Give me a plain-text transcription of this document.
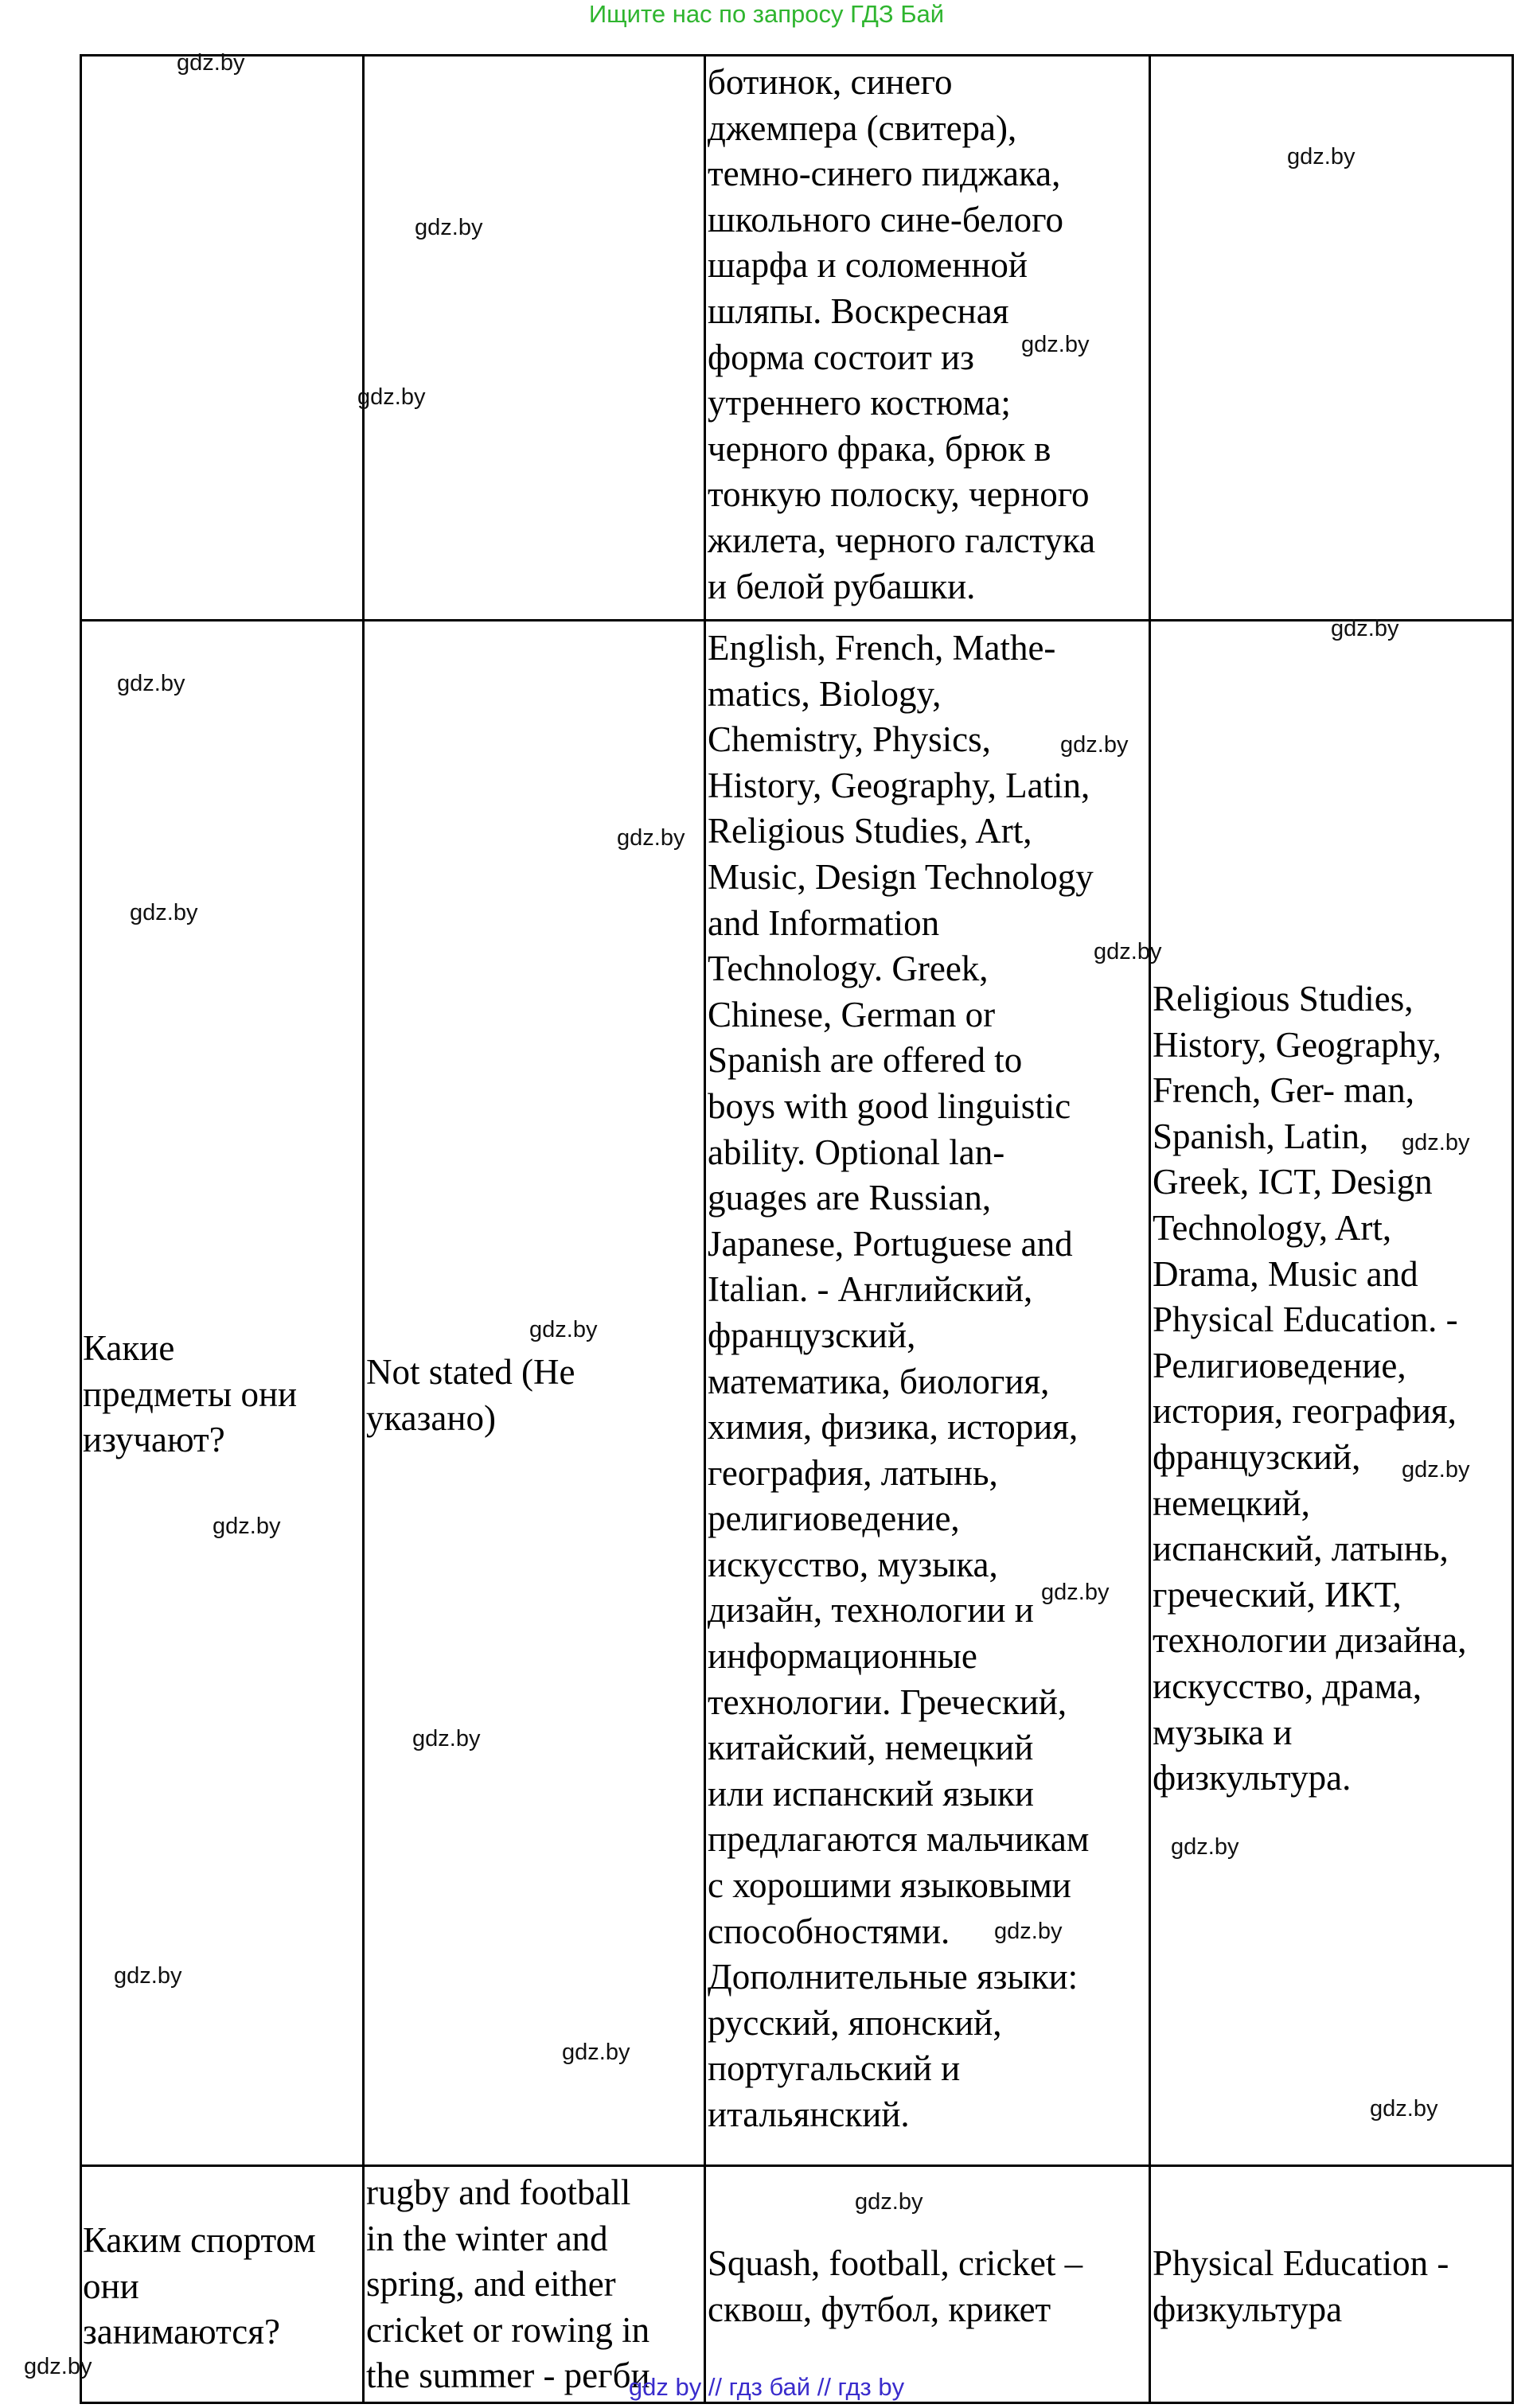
Ищите нас по запросу ГДЗ Бай
ботинок, синего
джемпера (свитера),
темно-синего пиджака,
школьного сине-белого
шарфа и соломенной
шляпы. Воскресная
форма состоит из
утреннего костюма;
черного фрака, брюк в
тонкую полоску, черного
жилета, черного галстука
и белой рубашки.
Какие
предметы они
изучают?
Not stated (Не
указано)
English, French, Mathe-
matics, Biology,
Chemistry, Physics,
History, Geography, Latin,
Religious Studies, Art,
Music, Design Technology
and Information
Technology. Greek,
Chinese, German or
Spanish are offered to
boys with good linguistic
ability. Optional lan-
guages are Russian,
Japanese, Portuguese and
Italian. - Английский,
французский,
математика, биология,
химия, физика, история,
география, латынь,
религиоведение,
искусство, музыка,
дизайн, технологии и
информационные
технологии. Греческий,
китайский, немецкий
или испанский языки
предлагаются мальчикам
с хорошими языковыми
способностями.
Дополнительные языки:
русский, японский,
португальский и
итальянский.
Religious Studies,
History, Geography,
French, Ger- man,
Spanish, Latin,
Greek, ICT, Design
Technology, Art,
Drama, Music and
Physical Education. -
Религиоведение,
история, география,
французский,
немецкий,
испанский, латынь,
греческий, ИКТ,
технологии дизайна,
искусство, драма,
музыка и
физкультура.
Каким спортом
они
занимаются?
rugby and football
in the winter and
spring, and either
cricket or rowing in
the summer - регби
Squash, football, cricket –
сквош, футбол, крикет
Physical Education -
физкультура
gdz.by
gdz.by
gdz.by
gdz.by
gdz.by
gdz.by
gdz.by
gdz.by
gdz.by
gdz.by
gdz.by
gdz.by
gdz.by
gdz.by
gdz.by
gdz.by
gdz.by
gdz.by
gdz.by
gdz.by
gdz.by
gdz.by
gdz.by
gdz.by
gdz by // гдз бай // гдз by
